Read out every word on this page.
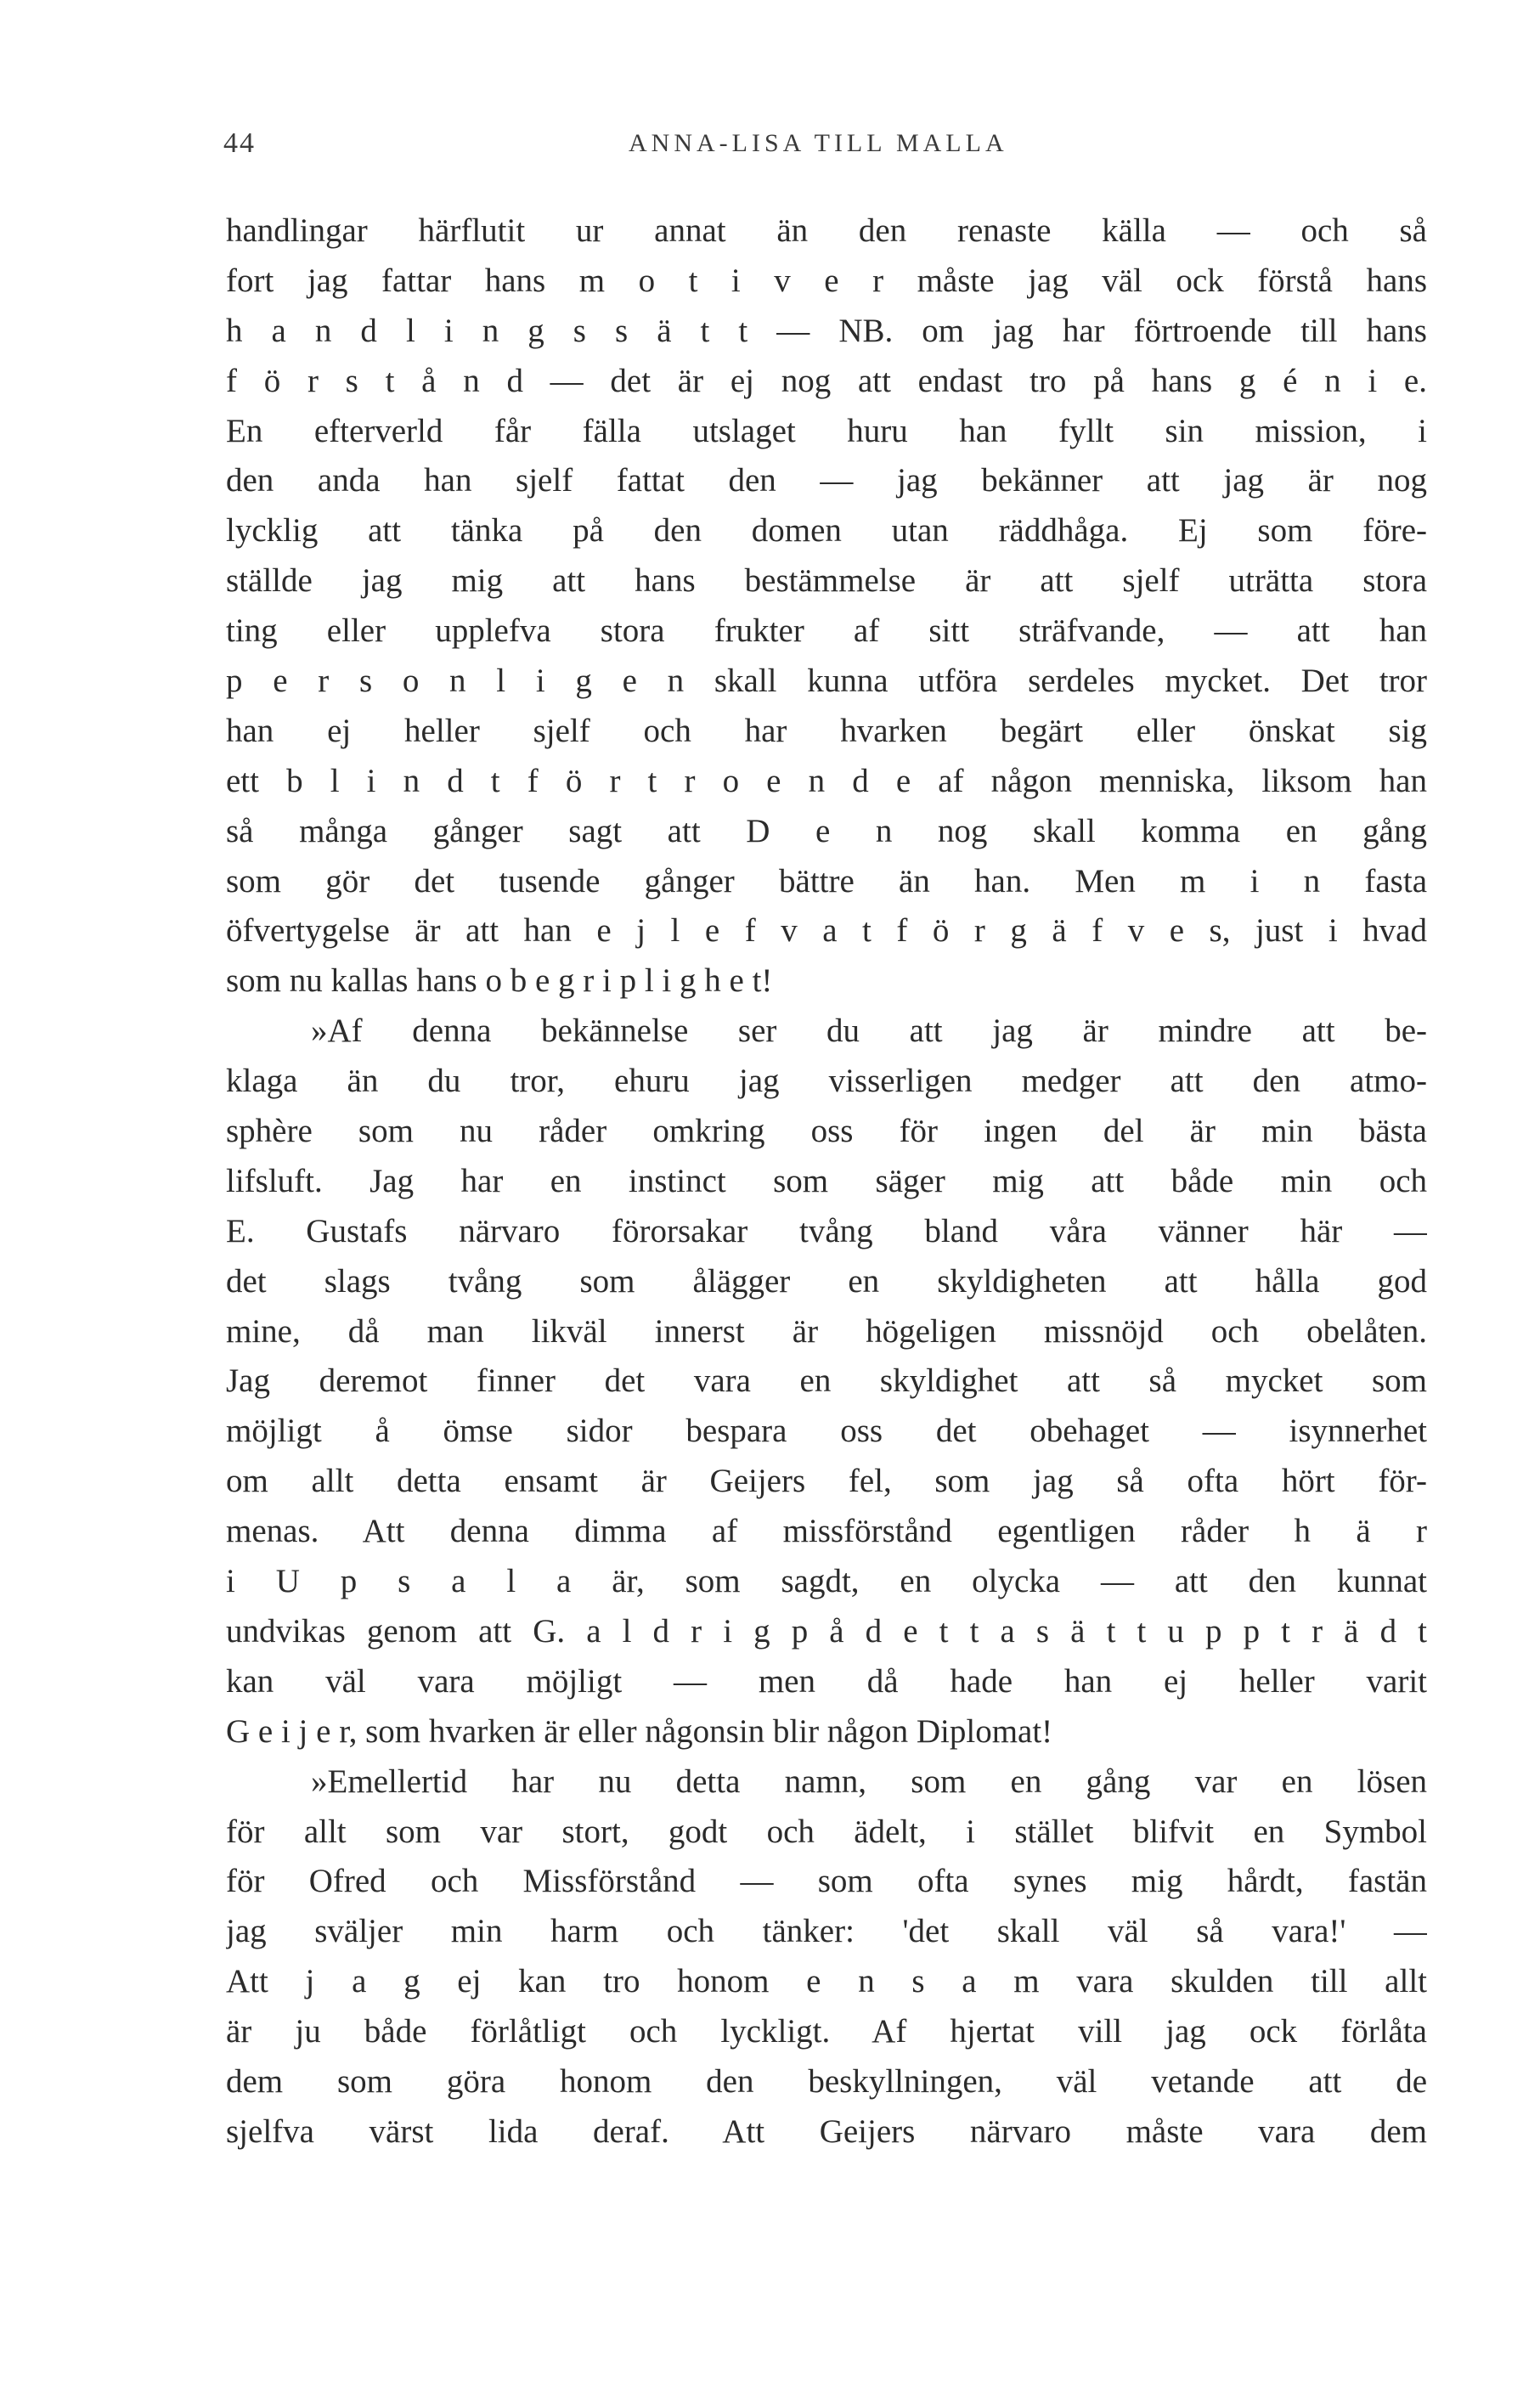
44	ANNA-LISA TILL MALLA
handlingar härflutit ur annat än den renaste källa — och så
fort jag fattar hans m o t i v e r måste jag väl ock förstå hans
h a n d l i n g s s ä t t — NB. om jag har förtroende till hans
f ö r s t å n d — det är ej nog att endast tro på hans g é n i e.
En efterverld får fälla utslaget huru han fyllt sin mission, i
den anda han sjelf fattat den — jag bekänner att jag är nog
lycklig att tänka på den domen utan räddhåga. Ej som före-
ställde jag mig att hans bestämmelse är att sjelf uträtta stora
ting eller upplefva stora frukter af sitt sträfvande, — att han
p e r s o n l i g e n skall kunna utföra serdeles mycket. Det tror
han ej heller sjelf och har hvarken begärt eller önskat sig
ett b l i n d t f ö r t r o e n d e af någon menniska, liksom han
så många gånger sagt att D e n nog skall komma en gång
som gör det tusende gånger bättre än han. Men m i n fasta
öfvertygelse är att han e j l e f v a t f ö r g ä f v e s, just i hvad
som nu kallas hans o b e g r i p l i g h e t!
»Af denna bekännelse ser du att jag är mindre att be-
klaga än du tror, ehuru jag visserligen medger att den atmo-
sphère som nu råder omkring oss för ingen del är min bästa
lifsluft. Jag har en instinct som säger mig att både min och
E. Gustafs närvaro förorsakar tvång bland våra vänner här —
det slags tvång som ålägger en skyldigheten att hålla god
mine, då man likväl innerst är högeligen missnöjd och obelåten.
Jag deremot finner det vara en skyldighet att så mycket som
möjligt å ömse sidor bespara oss det obehaget — isynnerhet
om allt detta ensamt är Geijers fel, som jag så ofta hört för-
menas. Att denna dimma af missförstånd egentligen råder h ä r
i U p s a l a är, som sagdt, en olycka — att den kunnat
undvikas genom att G. a l d r i g p å d e t t a s ä t t u p p t r ä d t
kan väl vara möjligt — men då hade han ej heller varit
G e i j e r, som hvarken är eller någonsin blir någon Diplomat!
»Emellertid har nu detta namn, som en gång var en lösen
för allt som var stort, godt och ädelt, i stället blifvit en Symbol
för Ofred och Missförstånd — som ofta synes mig hårdt, fastän
jag sväljer min harm och tänker: 'det skall väl så vara!' —
Att j a g ej kan tro honom e n s a m vara skulden till allt
är ju både förlåtligt och lyckligt. Af hjertat vill jag ock förlåta
dem som göra honom den beskyllningen, väl vetande att de
sjelfva värst lida deraf. Att Geijers närvaro måste vara dem
